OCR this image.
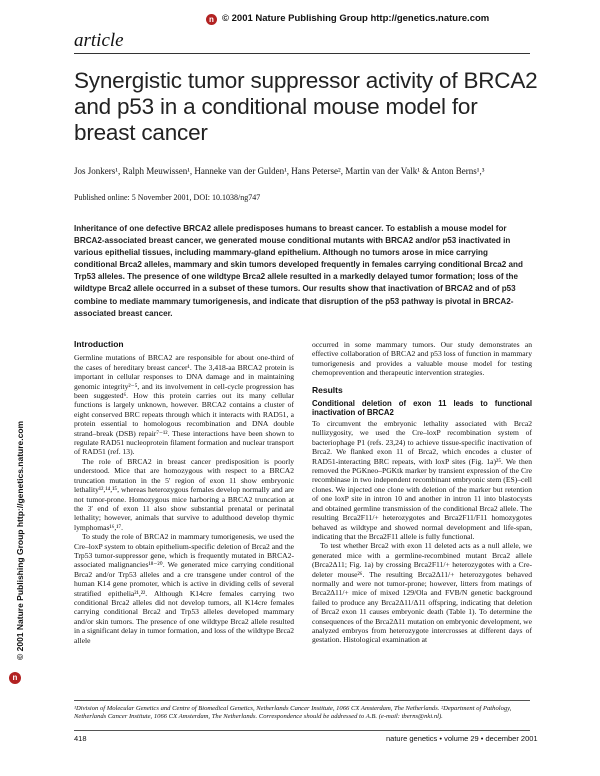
n © 2001 Nature Publishing Group http://genetics.nature.com
article
Synergistic tumor suppressor activity of BRCA2 and p53 in a conditional mouse model for breast cancer
Jos Jonkers¹, Ralph Meuwissen¹, Hanneke van der Gulden¹, Hans Peterse², Martin van der Valk¹ & Anton Berns¹,³
Published online: 5 November 2001, DOI: 10.1038/ng747

Inheritance of one defective BRCA2 allele predisposes humans to breast cancer. To establish a mouse model for BRCA2-associated breast cancer, we generated mouse conditional mutants with BRCA2 and/or p53 inactivated in various epithelial tissues, including mammary-gland epithelium. Although no tumors arose in mice carrying conditional Brca2 alleles, mammary and skin tumors developed frequently in females carrying conditional Brca2 and Trp53 alleles. The presence of one wildtype Brca2 allele resulted in a markedly delayed tumor formation; loss of the wildtype Brca2 allele occurred in a subset of these tumors. Our results show that inactivation of BRCA2 and of p53 combine to mediate mammary tumorigenesis, and indicate that disruption of the p53 pathway is pivotal in BRCA2-associated breast cancer.

Introduction

Germline mutations of BRCA2 are responsible for about one-third of the cases of hereditary breast cancer¹. The 3,418-aa BRCA2 protein is important in cellular responses to DNA damage and in maintaining genomic integrity²⁻⁵, and its involvement in cell-cycle progression has been suggested⁶. How this protein carries out its many cellular functions is largely unknown, however. BRCA2 contains a cluster of eight conserved BRC repeats through which it interacts with RAD51, a protein essential to homologous recombination and DNA double strand–break (DSB) repair⁷⁻¹². These interactions have been shown to regulate RAD51 nucleoprotein filament formation and nuclear transport of RAD51 (ref. 13).

The role of BRCA2 in breast cancer predisposition is poorly understood. Mice that are homozygous with respect to a BRCA2 truncation mutation in the 5′ region of exon 11 show embryonic lethality¹²,¹⁴,¹⁵, whereas heterozygous females develop normally and are not tumor-prone. Homozygous mice harboring a BRCA2 truncation at the 3′ end of exon 11 also show substantial prenatal or perinatal lethality; however, animals that survive to adulthood develop thymic lymphomas¹⁶,¹⁷.

To study the role of BRCA2 in mammary tumorigenesis, we used the Cre–loxP system to obtain epithelium-specific deletion of Brca2 and the Trp53 tumor-suppressor gene, which is frequently mutated in BRCA2-associated malignancies¹⁸⁻²⁰. We generated mice carrying conditional Brca2 and/or Trp53 alleles and a cre transgene under control of the human K14 gene promoter, which is active in dividing cells of several stratified epithelia²¹,²². Although K14cre females carrying two conditional Brca2 alleles did not develop tumors, all K14cre females carrying conditional Brca2 and Trp53 alleles developed mammary and/or skin tumors. The presence of one wildtype Brca2 allele resulted in a significant delay in tumor formation, and loss of the wildtype Brca2 allele

occurred in some mammary tumors. Our study demonstrates an effective collaboration of BRCA2 and p53 loss of function in mammary tumorigenesis and provides a valuable mouse model for testing chemoprevention and therapeutic intervention strategies.

Results
Conditional deletion of exon 11 leads to functional inactivation of BRCA2

To circumvent the embryonic lethality associated with Brca2 nullizygosity, we used the Cre–loxP recombination system of bacteriophage P1 (refs. 23,24) to achieve tissue-specific inactivation of Brca2. We flanked exon 11 of Brca2, which encodes a cluster of RAD51-interacting BRC repeats, with loxP sites (Fig. 1a)²⁵. We then removed the PGKneo–PGKtk marker by transient expression of the Cre recombinase in two independent recombinant embryonic stem (ES)–cell clones. We injected one clone with deletion of the marker but retention of one loxP site in intron 10 and another in intron 11 into blastocysts and obtained germline transmission of the conditional Brca2 allele. The resulting Brca2F11/+ heterozygotes and Brca2F11/F11 homozygotes behaved as wildtype and showed normal development and life-span, indicating that the Brca2F11 allele is fully functional.

To test whether Brca2 with exon 11 deleted acts as a null allele, we generated mice with a germline-recombined mutant Brca2 allele (Brca2Δ11; Fig. 1a) by crossing Brca2F11/+ heterozygotes with a Cre-deleter mouse²⁶. The resulting Brca2Δ11/+ heterozygotes behaved normally and were not tumor-prone; however, litters from matings of Brca2Δ11/+ mice of mixed 129/Ola and FVB/N genetic background failed to produce any Brca2Δ11/Δ11 offspring, indicating that deletion of Brca2 exon 11 causes embryonic death (Table 1). To determine the consequences of the Brca2Δ11 mutation on embryonic development, we analyzed embryos from heterozygote intercrosses at different days of gestation. Histological examination at

¹Division of Molecular Genetics and Centre of Biomedical Genetics, Netherlands Cancer Institute, 1066 CX Amsterdam, The Netherlands. ²Department of Pathology, Netherlands Cancer Institute, 1066 CX Amsterdam, The Netherlands. Correspondence should be addressed to A.B. (e-mail: tberns@nki.nl).

418	nature genetics • volume 29 • december 2001
© 2001 Nature Publishing Group http://genetics.nature.com
n
